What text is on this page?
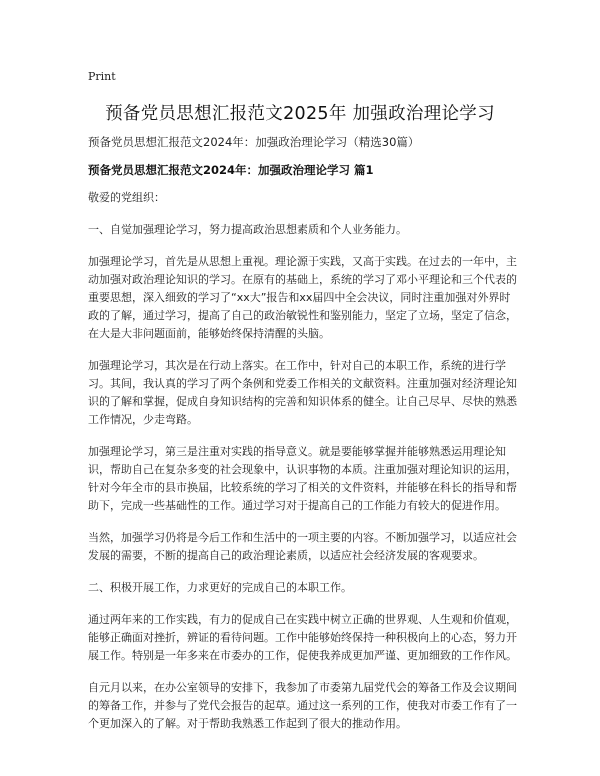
Print
预备党员思想汇报范文2025年 加强政治理论学习
预备党员思想汇报范文2024年：加强政治理论学习（精选30篇）
预备党员思想汇报范文2024年：加强政治理论学习 篇1

敬爱的党组织：

一、自觉加强理论学习，努力提高政治思想素质和个人业务能力。

加强理论学习，首先是从思想上重视。理论源于实践，又高于实践。在过去的一年中，主动加强对政治理论知识的学习。在原有的基础上，系统的学习了邓小平理论和三个代表的重要思想，深入细致的学习了“xx大”报告和xx届四中全会决议，同时注重加强对外界时政的了解，通过学习，提高了自己的政治敏锐性和鉴别能力，坚定了立场，坚定了信念，在大是大非问题面前，能够始终保持清醒的头脑。

加强理论学习，其次是在行动上落实。在工作中，针对自己的本职工作，系统的进行学习。其间，我认真的学习了两个条例和党委工作相关的文献资料。注重加强对经济理论知识的了解和掌握，促成自身知识结构的完善和知识体系的健全。让自己尽早、尽快的熟悉工作情况，少走弯路。

加强理论学习，第三是注重对实践的指导意义。就是要能够掌握并能够熟悉运用理论知识，帮助自己在复杂多变的社会现象中，认识事物的本质。注重加强对理论知识的运用，针对今年全市的县市换届，比较系统的学习了相关的文件资料，并能够在科长的指导和帮助下，完成一些基础性的工作。通过学习对于提高自己的工作能力有较大的促进作用。

当然，加强学习仍将是今后工作和生活中的一项主要的内容。不断加强学习，以适应社会发展的需要，不断的提高自己的政治理论素质，以适应社会经济发展的客观要求。

二、积极开展工作，力求更好的完成自己的本职工作。

通过两年来的工作实践，有力的促成自己在实践中树立正确的世界观、人生观和价值观，能够正确面对挫折，辨证的看待问题。工作中能够始终保持一种积极向上的心态，努力开展工作。特别是一年多来在市委办的工作，促使我养成更加严谨、更加细致的工作作风。

自元月以来，在办公室领导的安排下，我参加了市委第九届党代会的筹备工作及会议期间的筹备工作，并参与了党代会报告的起草。通过这一系列的工作，使我对市委工作有了一个更加深入的了解。对于帮助我熟悉工作起到了很大的推动作用。
